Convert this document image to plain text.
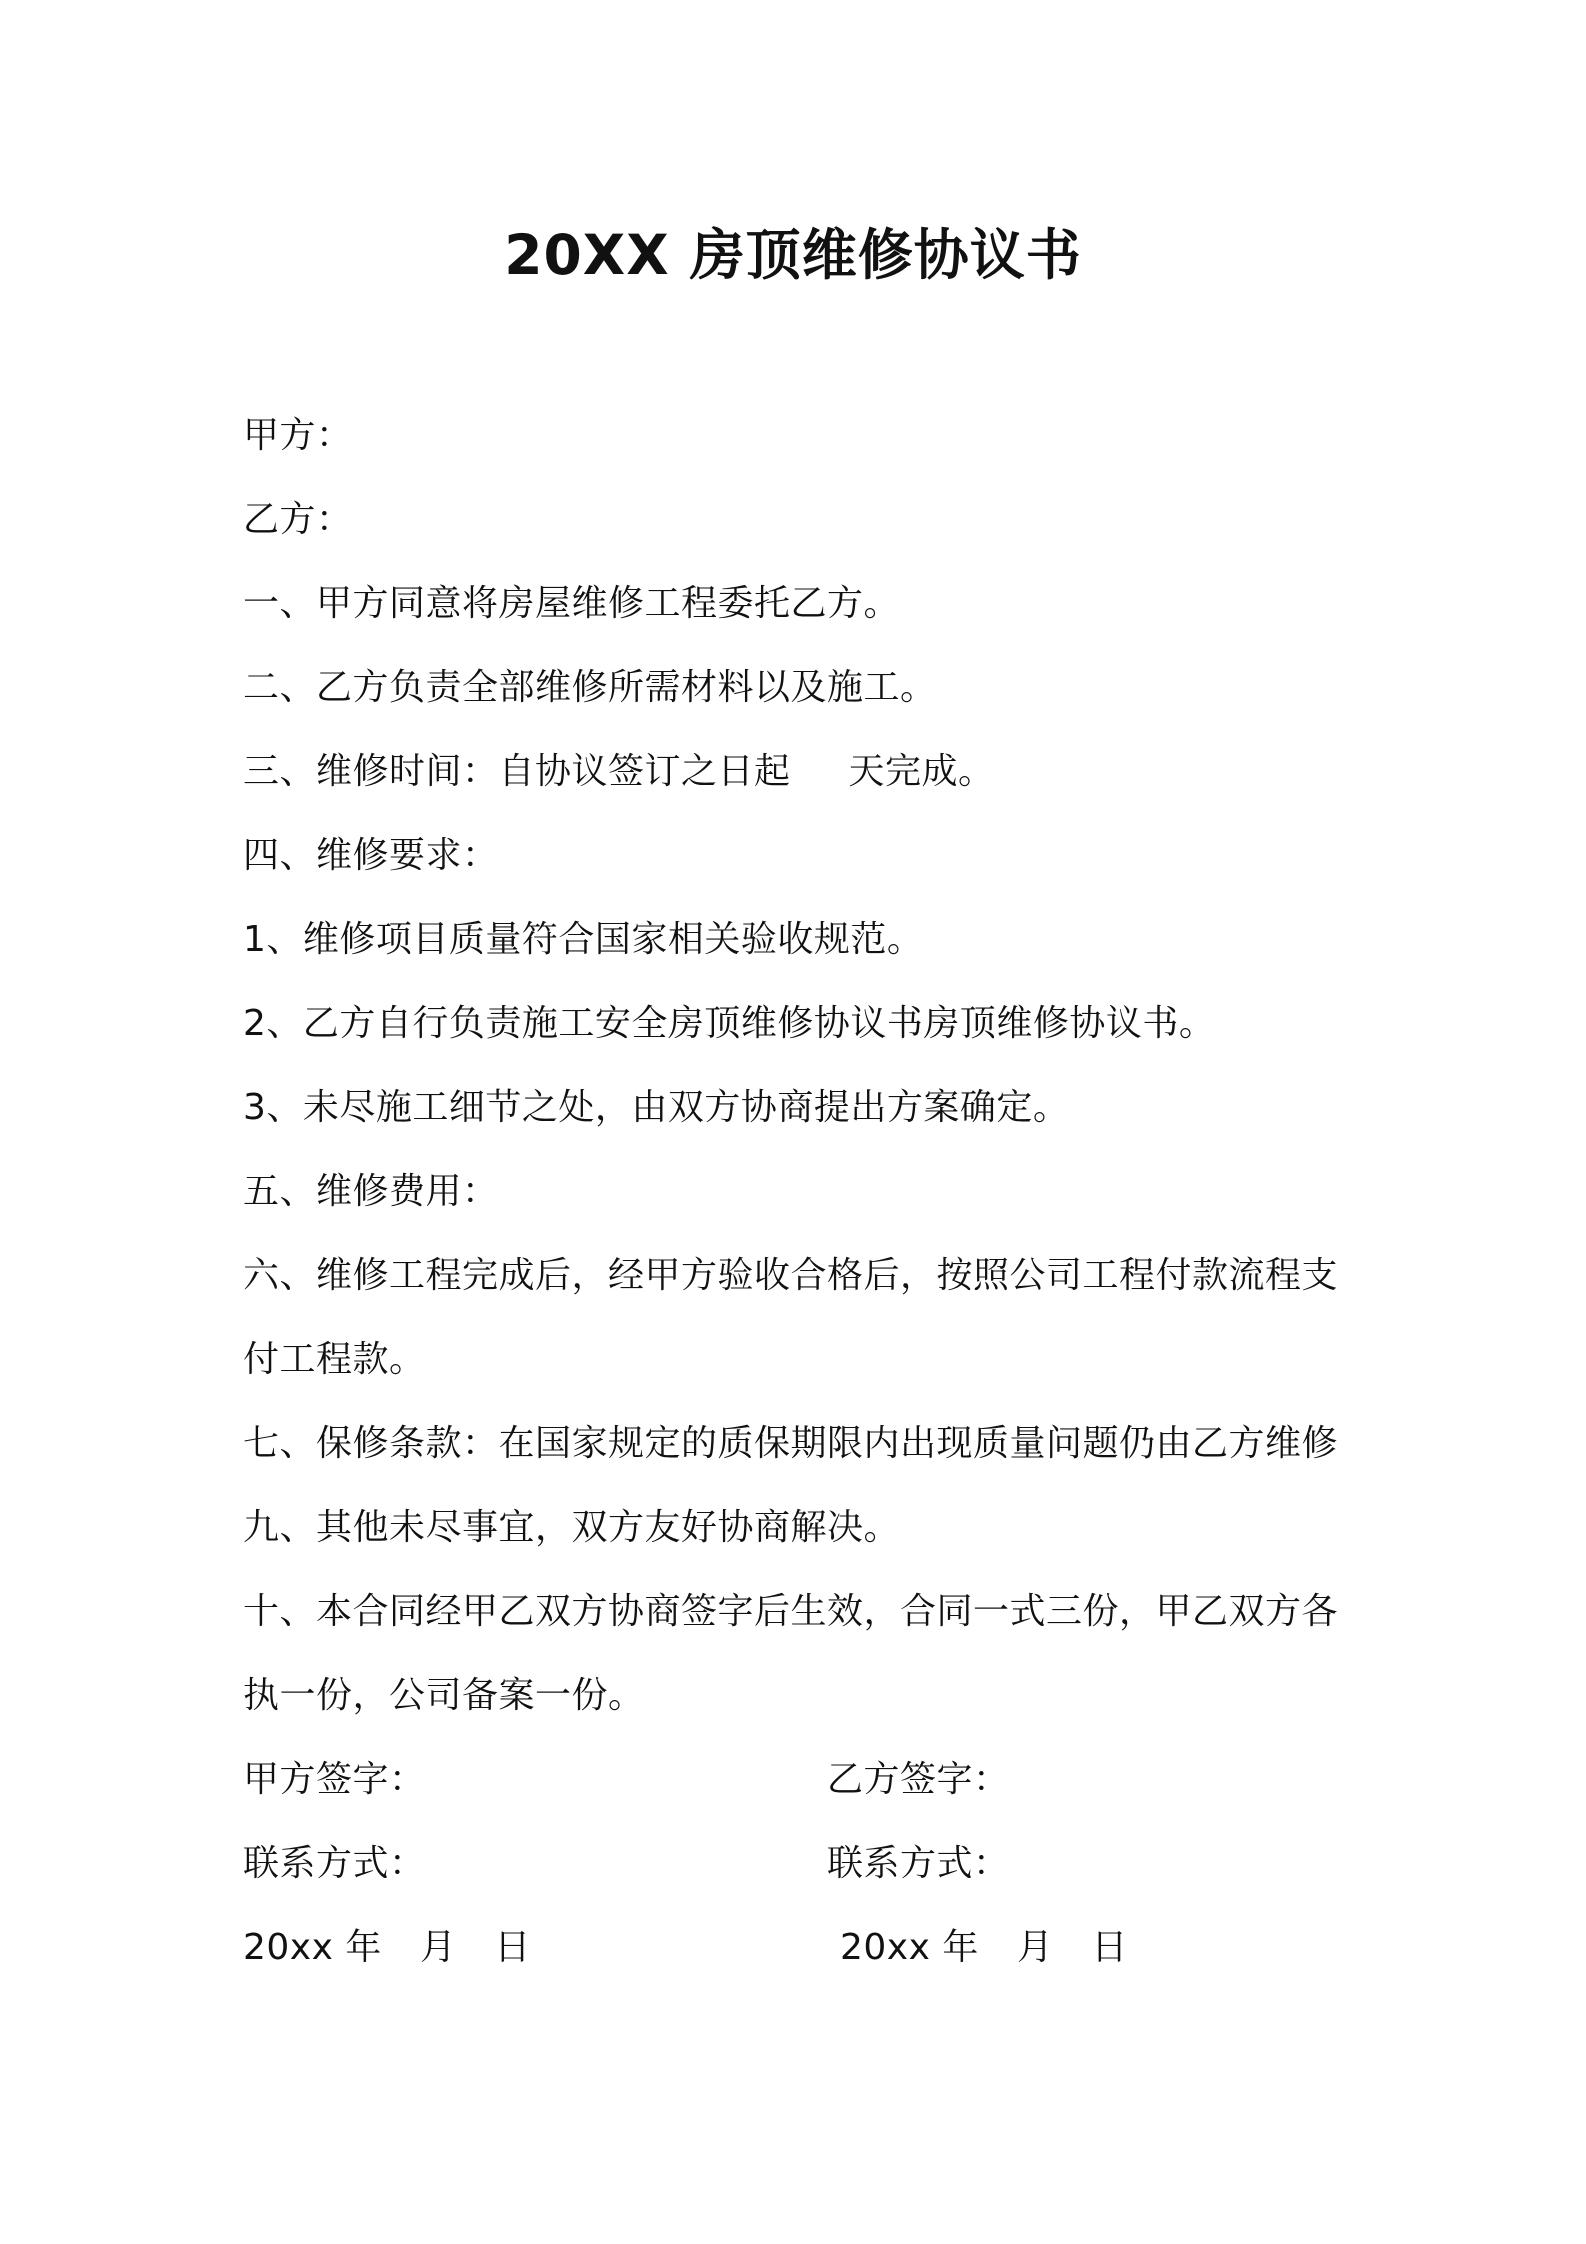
20XX 房顶维修协议书
甲方：
乙方：
一、甲方同意将房屋维修工程委托乙方。
二、乙方负责全部维修所需材料以及施工。
三、维修时间：自协议签订之日起 天完成。
四、维修要求：
1、维修项目质量符合国家相关验收规范。
2、乙方自行负责施工安全房顶维修协议书房顶维修协议书。
3、未尽施工细节之处，由双方协商提出方案确定。
五、维修费用：
六、维修工程完成后，经甲方验收合格后，按照公司工程付款流程支
付工程款。
七、保修条款：在国家规定的质保期限内出现质量问题仍由乙方维修
九、其他未尽事宜，双方友好协商解决。
十、本合同经甲乙双方协商签字后生效，合同一式三份，甲乙双方各
执一份，公司备案一份。
甲方签字：	乙方签字：
联系方式：	联系方式：
20xx 年 月 日	20xx 年 月 日
